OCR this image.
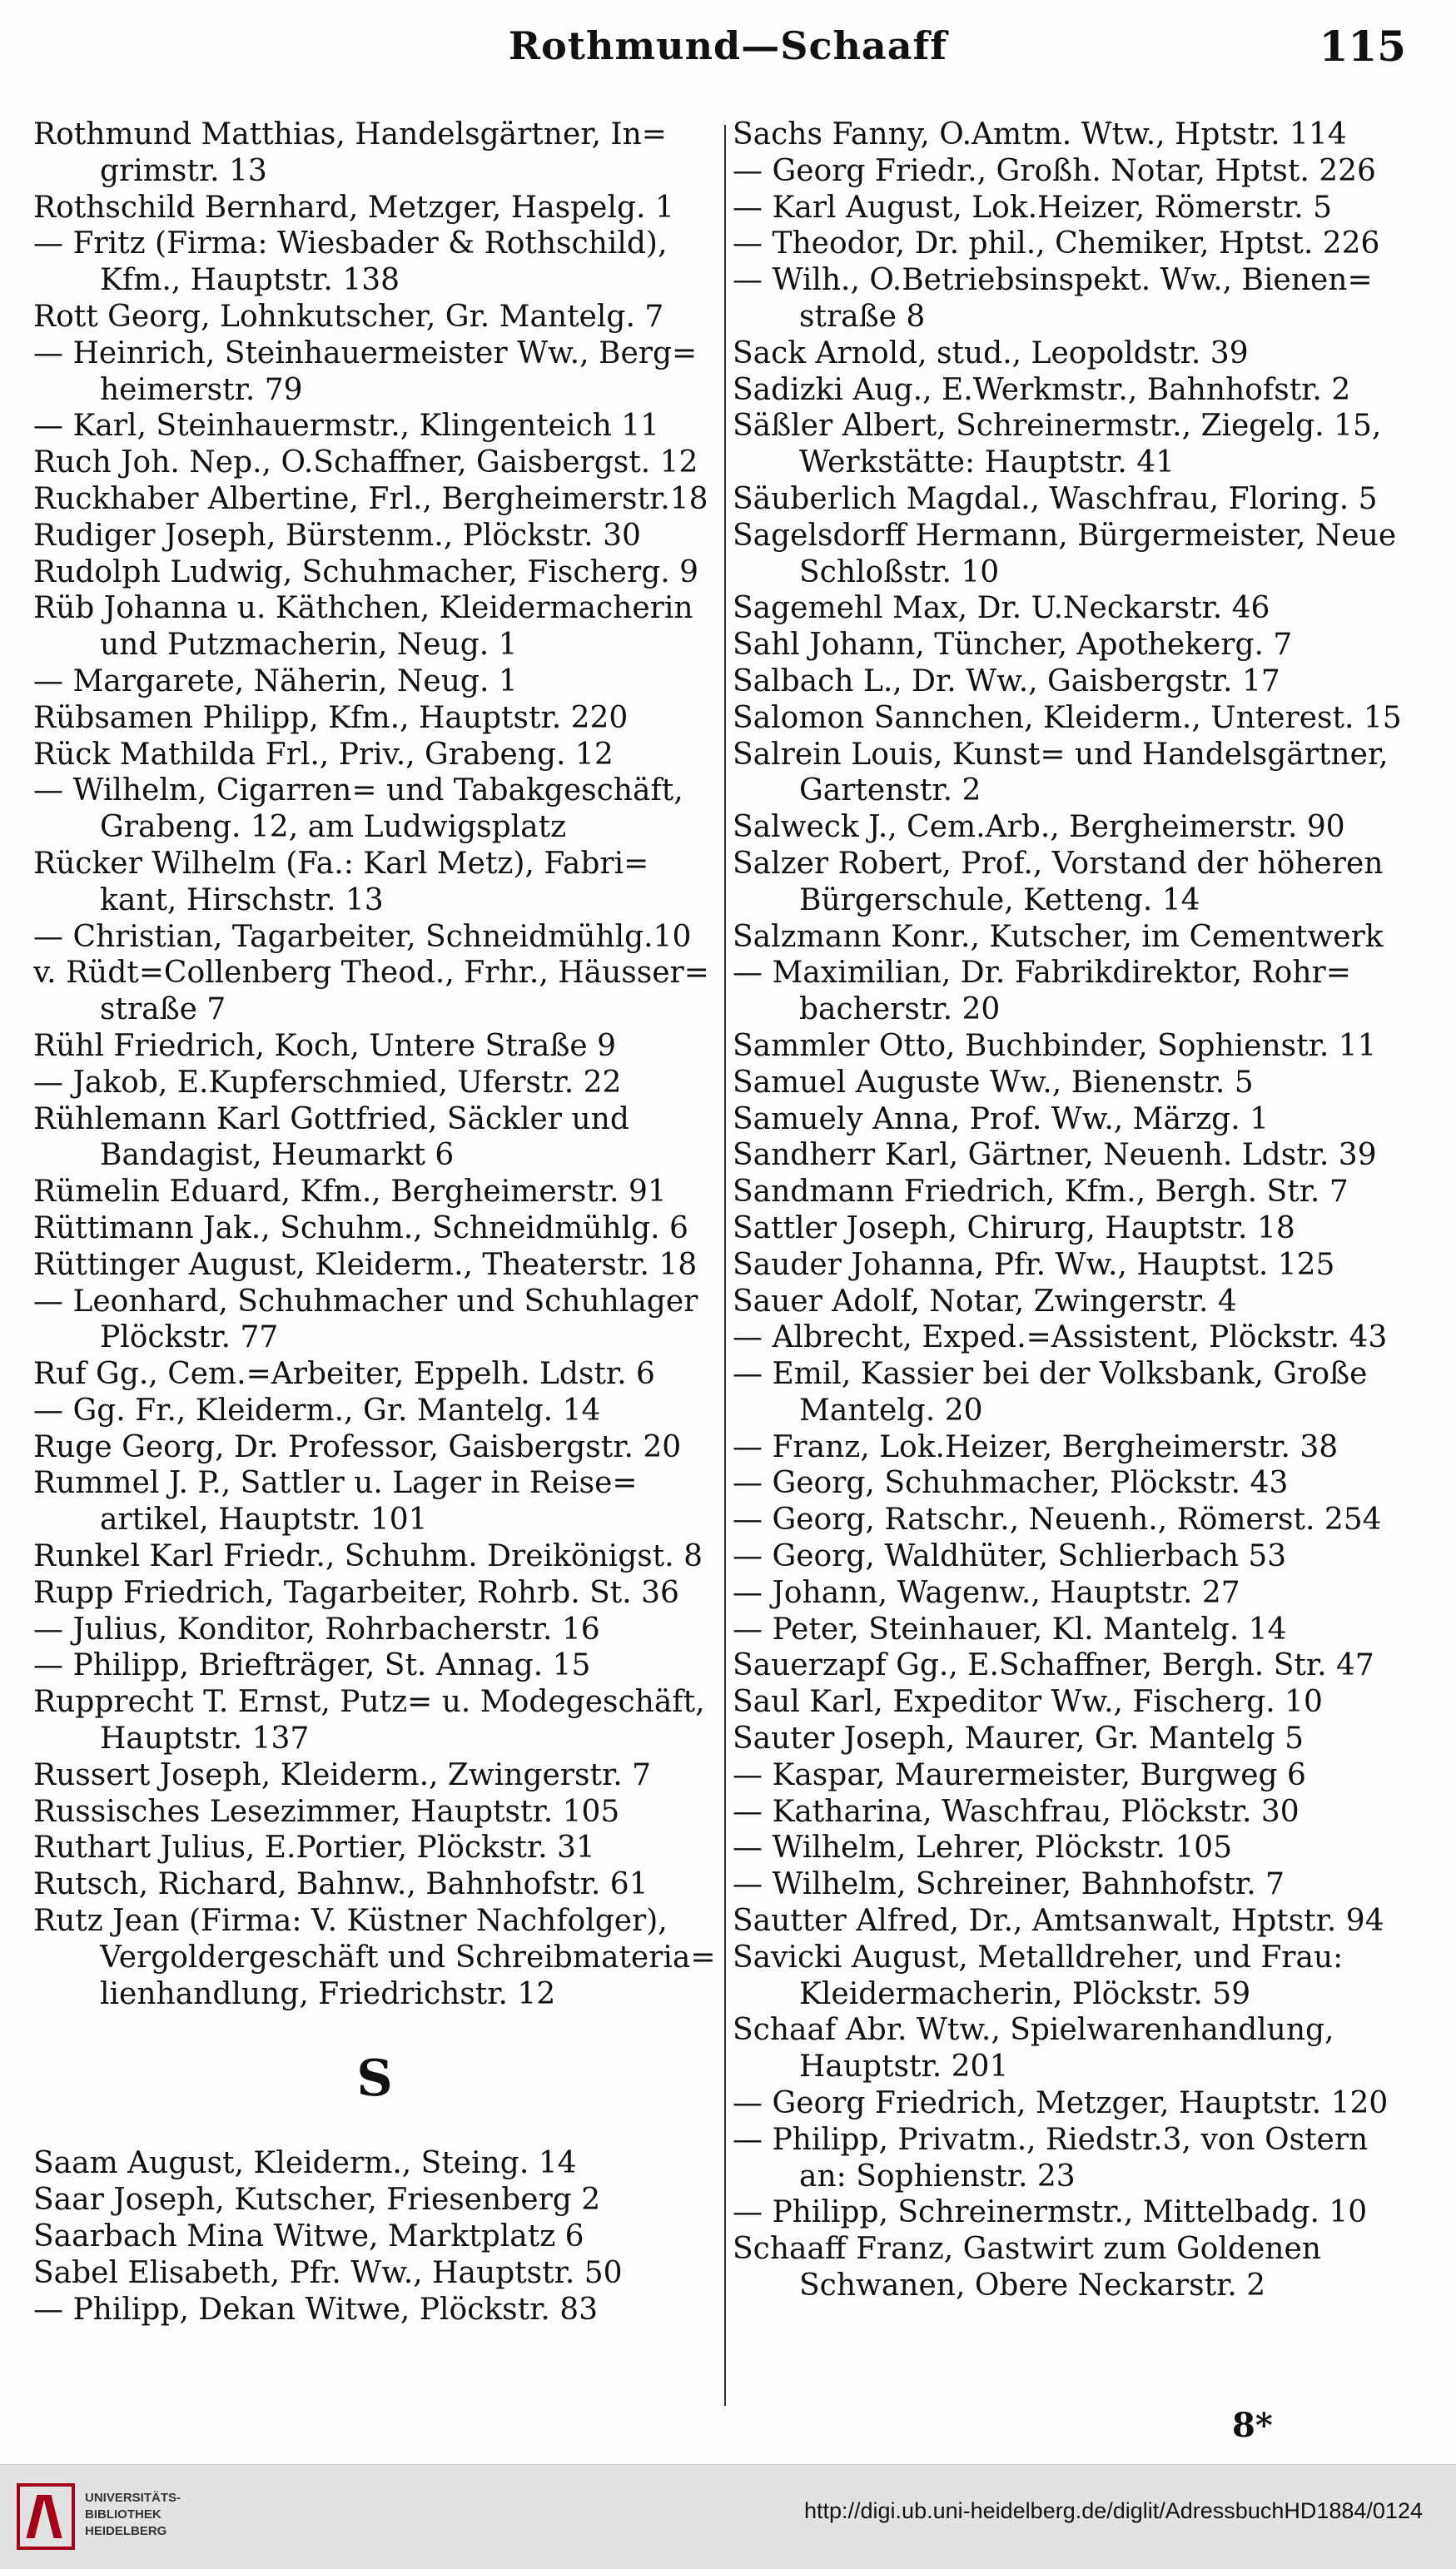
Rothmund—Schaaff	115
Rothmund Matthias, Handelsgärtner, In=
grimstr. 13
Rothschild Bernhard, Metzger, Haspelg. 1
— Fritz (Firma: Wiesbader & Rothschild),
Kfm., Hauptstr. 138
Rott Georg, Lohnkutscher, Gr. Mantelg. 7
— Heinrich, Steinhauermeister Ww., Berg=
heimerstr. 79
— Karl, Steinhauermstr., Klingenteich 11
Ruch Joh. Nep., O.Schaffner, Gaisbergst. 12
Ruckhaber Albertine, Frl., Bergheimerstr.18
Rudiger Joseph, Bürstenm., Plöckstr. 30
Rudolph Ludwig, Schuhmacher, Fischerg. 9
Rüb Johanna u. Käthchen, Kleidermacherin
und Putzmacherin, Neug. 1
— Margarete, Näherin, Neug. 1
Rübsamen Philipp, Kfm., Hauptstr. 220
Rück Mathilda Frl., Priv., Grabeng. 12
— Wilhelm, Cigarren= und Tabakgeschäft,
Grabeng. 12, am Ludwigsplatz
Rücker Wilhelm (Fa.: Karl Metz), Fabri=
kant, Hirschstr. 13
— Christian, Tagarbeiter, Schneidmühlg.10
v. Rüdt=Collenberg Theod., Frhr., Häusser=
straße 7
Rühl Friedrich, Koch, Untere Straße 9
— Jakob, E.Kupferschmied, Uferstr. 22
Rühlemann Karl Gottfried, Säckler und
Bandagist, Heumarkt 6
Rümelin Eduard, Kfm., Bergheimerstr. 91
Rüttimann Jak., Schuhm., Schneidmühlg. 6
Rüttinger August, Kleiderm., Theaterstr. 18
— Leonhard, Schuhmacher und Schuhlager
Plöckstr. 77
Ruf Gg., Cem.=Arbeiter, Eppelh. Ldstr. 6
— Gg. Fr., Kleiderm., Gr. Mantelg. 14
Ruge Georg, Dr. Professor, Gaisbergstr. 20
Rummel J. P., Sattler u. Lager in Reise=
artikel, Hauptstr. 101
Runkel Karl Friedr., Schuhm. Dreikönigst. 8
Rupp Friedrich, Tagarbeiter, Rohrb. St. 36
— Julius, Konditor, Rohrbacherstr. 16
— Philipp, Briefträger, St. Annag. 15
Rupprecht T. Ernst, Putz= u. Modegeschäft,
Hauptstr. 137
Russert Joseph, Kleiderm., Zwingerstr. 7
Russisches Lesezimmer, Hauptstr. 105
Ruthart Julius, E.Portier, Plöckstr. 31
Rutsch, Richard, Bahnw., Bahnhofstr. 61
Rutz Jean (Firma: V. Küstner Nachfolger),
Vergoldergeschäft und Schreibmateria=
lienhandlung, Friedrichstr. 12
S
Saam August, Kleiderm., Steing. 14
Saar Joseph, Kutscher, Friesenberg 2
Saarbach Mina Witwe, Marktplatz 6
Sabel Elisabeth, Pfr. Ww., Hauptstr. 50
— Philipp, Dekan Witwe, Plöckstr. 83
Sachs Fanny, O.Amtm. Wtw., Hptstr. 114
— Georg Friedr., Großh. Notar, Hptst. 226
— Karl August, Lok.Heizer, Römerstr. 5
— Theodor, Dr. phil., Chemiker, Hptst. 226
— Wilh., O.Betriebsinspekt. Ww., Bienen=
straße 8
Sack Arnold, stud., Leopoldstr. 39
Sadizki Aug., E.Werkmstr., Bahnhofstr. 2
Säßler Albert, Schreinermstr., Ziegelg. 15,
Werkstätte: Hauptstr. 41
Säuberlich Magdal., Waschfrau, Floring. 5
Sagelsdorff Hermann, Bürgermeister, Neue
Schloßstr. 10
Sagemehl Max, Dr. U.Neckarstr. 46
Sahl Johann, Tüncher, Apothekerg. 7
Salbach L., Dr. Ww., Gaisbergstr. 17
Salomon Sannchen, Kleiderm., Unterest. 15
Salrein Louis, Kunst= und Handelsgärtner,
Gartenstr. 2
Salweck J., Cem.Arb., Bergheimerstr. 90
Salzer Robert, Prof., Vorstand der höheren
Bürgerschule, Ketteng. 14
Salzmann Konr., Kutscher, im Cementwerk
— Maximilian, Dr. Fabrikdirektor, Rohr=
bacherstr. 20
Sammler Otto, Buchbinder, Sophienstr. 11
Samuel Auguste Ww., Bienenstr. 5
Samuely Anna, Prof. Ww., Märzg. 1
Sandherr Karl, Gärtner, Neuenh. Ldstr. 39
Sandmann Friedrich, Kfm., Bergh. Str. 7
Sattler Joseph, Chirurg, Hauptstr. 18
Sauder Johanna, Pfr. Ww., Hauptst. 125
Sauer Adolf, Notar, Zwingerstr. 4
— Albrecht, Exped.=Assistent, Plöckstr. 43
— Emil, Kassier bei der Volksbank, Große
Mantelg. 20
— Franz, Lok.Heizer, Bergheimerstr. 38
— Georg, Schuhmacher, Plöckstr. 43
— Georg, Ratschr., Neuenh., Römerst. 254
— Georg, Waldhüter, Schlierbach 53
— Johann, Wagenw., Hauptstr. 27
— Peter, Steinhauer, Kl. Mantelg. 14
Sauerzapf Gg., E.Schaffner, Bergh. Str. 47
Saul Karl, Expeditor Ww., Fischerg. 10
Sauter Joseph, Maurer, Gr. Mantelg 5
— Kaspar, Maurermeister, Burgweg 6
— Katharina, Waschfrau, Plöckstr. 30
— Wilhelm, Lehrer, Plöckstr. 105
— Wilhelm, Schreiner, Bahnhofstr. 7
Sautter Alfred, Dr., Amtsanwalt, Hptstr. 94
Savicki August, Metalldreher, und Frau:
Kleidermacherin, Plöckstr. 59
Schaaf Abr. Wtw., Spielwarenhandlung,
Hauptstr. 201
— Georg Friedrich, Metzger, Hauptstr. 120
— Philipp, Privatm., Riedstr.3, von Ostern
an: Sophienstr. 23
— Philipp, Schreinermstr., Mittelbadg. 10
Schaaff Franz, Gastwirt zum Goldenen
Schwanen, Obere Neckarstr. 2
8*
UNIVERSITÄTS-
BIBLIOTHEK
HEIDELBERG
http://digi.ub.uni-heidelberg.de/diglit/AdressbuchHD1884/0124
